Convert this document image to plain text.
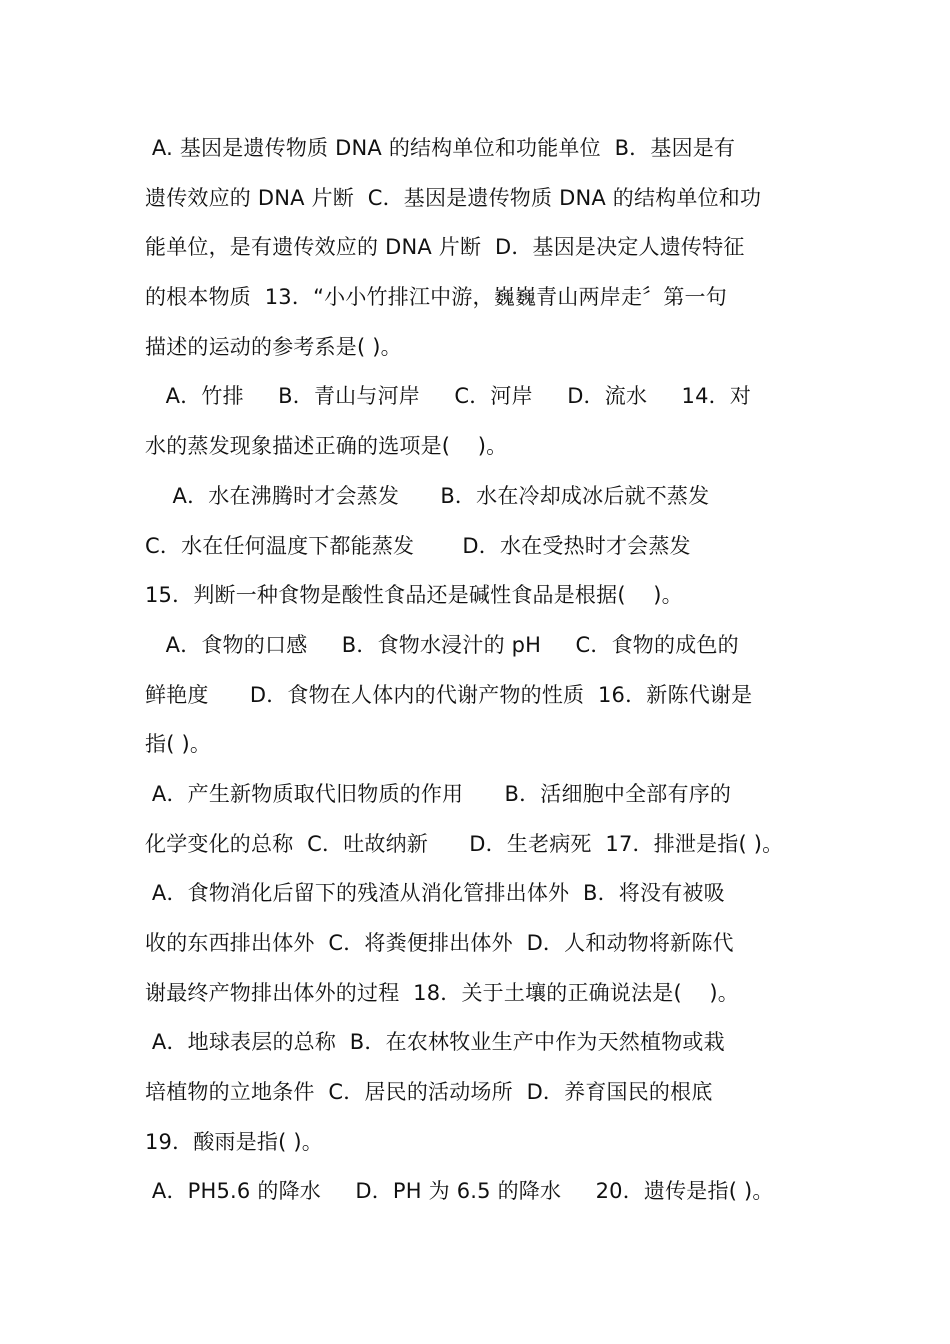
A. 基因是遗传物质 DNA 的结构单位和功能单位  B．基因是有
遗传效应的 DNA 片断  C．基因是遗传物质 DNA 的结构单位和功
能单位，是有遗传效应的 DNA 片断  D．基因是决定人遗传特征
的根本物质  13．“小小竹排江中游，巍巍青山两岸走〞第一句
描述的运动的参考系是( )。
A．竹排     B．青山与河岸     C．河岸     D．流水     14．对
水的蒸发现象描述正确的选项是(    )。
A．水在沸腾时才会蒸发      B．水在冷却成冰后就不蒸发
C．水在任何温度下都能蒸发       D．水在受热时才会蒸发
15．判断一种食物是酸性食品还是碱性食品是根据(    )。
A．食物的口感     B．食物水浸汁的 pH     C．食物的成色的
鲜艳度      D．食物在人体内的代谢产物的性质  16．新陈代谢是
指( )。
A．产生新物质取代旧物质的作用      B．活细胞中全部有序的
化学变化的总称  C．吐故纳新      D．生老病死  17．排泄是指( )。
A．食物消化后留下的残渣从消化管排出体外  B．将没有被吸
收的东西排出体外  C．将粪便排出体外  D．人和动物将新陈代
谢最终产物排出体外的过程  18．关于土壤的正确说法是(    )。
A．地球表层的总称  B．在农林牧业生产中作为天然植物或栽
培植物的立地条件  C．居民的活动场所  D．养育国民的根底
19．酸雨是指( )。
A．PH5.6 的降水     D．PH 为 6.5 的降水     20．遗传是指( )。
